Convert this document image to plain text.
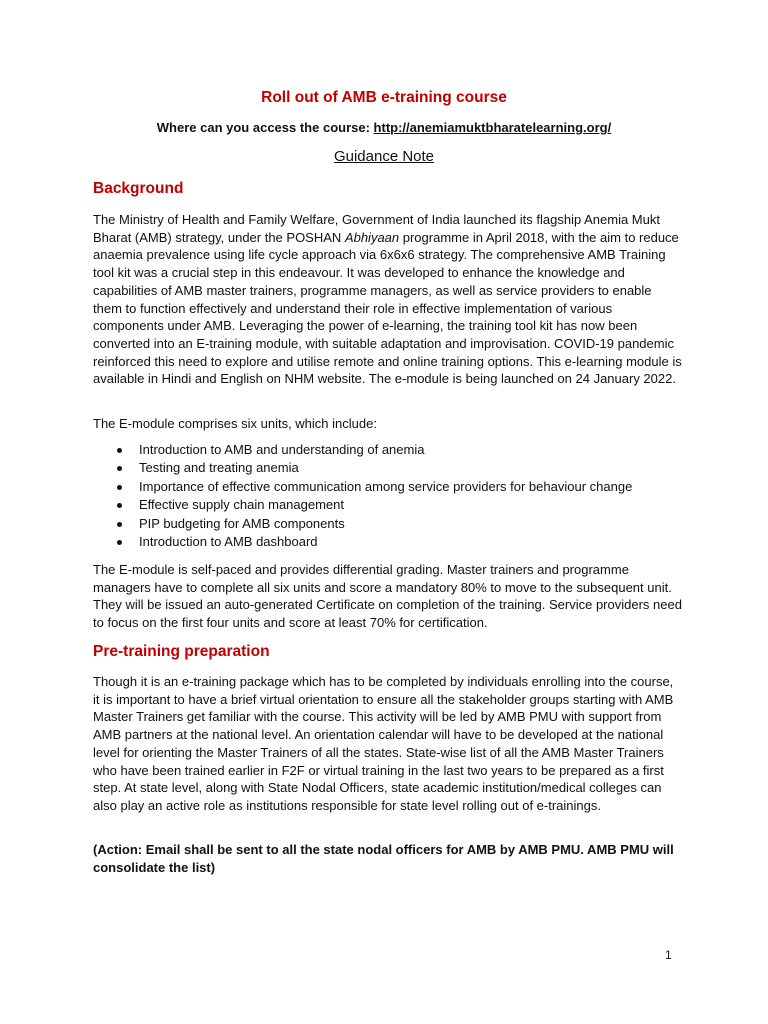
Roll out of AMB e-training course
Where can you access the course: http://anemiamuktbharatelearning.org/
Guidance Note
Background

The Ministry of Health and Family Welfare, Government of India launched its flagship Anemia Mukt Bharat (AMB) strategy, under the POSHAN Abhiyaan programme in April 2018, with the aim to reduce anaemia prevalence using life cycle approach via 6x6x6 strategy. The comprehensive AMB Training tool kit was a crucial step in this endeavour. It was developed to enhance the knowledge and capabilities of AMB master trainers, programme managers, as well as service providers to enable them to function effectively and understand their role in effective implementation of various components under AMB. Leveraging the power of e-learning, the training tool kit has now been converted into an E-training module, with suitable adaptation and improvisation. COVID-19 pandemic reinforced this need to explore and utilise remote and online training options. This e-learning module is available in Hindi and English on NHM website. The e-module is being launched on 24 January 2022.

The E-module comprises six units, which include:

Introduction to AMB and understanding of anemia
Testing and treating anemia
Importance of effective communication among service providers for behaviour change
Effective supply chain management
PIP budgeting for AMB components
Introduction to AMB dashboard

The E-module is self-paced and provides differential grading. Master trainers and programme managers have to complete all six units and score a mandatory 80% to move to the subsequent unit. They will be issued an auto-generated Certificate on completion of the training. Service providers need to focus on the first four units and score at least 70% for certification.

Pre-training preparation

Though it is an e-training package which has to be completed by individuals enrolling into the course, it is important to have a brief virtual orientation to ensure all the stakeholder groups starting with AMB Master Trainers get familiar with the course. This activity will be led by AMB PMU with support from AMB partners at the national level. An orientation calendar will have to be developed at the national level for orienting the Master Trainers of all the states. State-wise list of all the AMB Master Trainers who have been trained earlier in F2F or virtual training in the last two years to be prepared as a first step. At state level, along with State Nodal Officers, state academic institution/medical colleges can also play an active role as institutions responsible for state level rolling out of e-trainings.

(Action: Email shall be sent to all the state nodal officers for AMB by AMB PMU. AMB PMU will consolidate the list)

1
